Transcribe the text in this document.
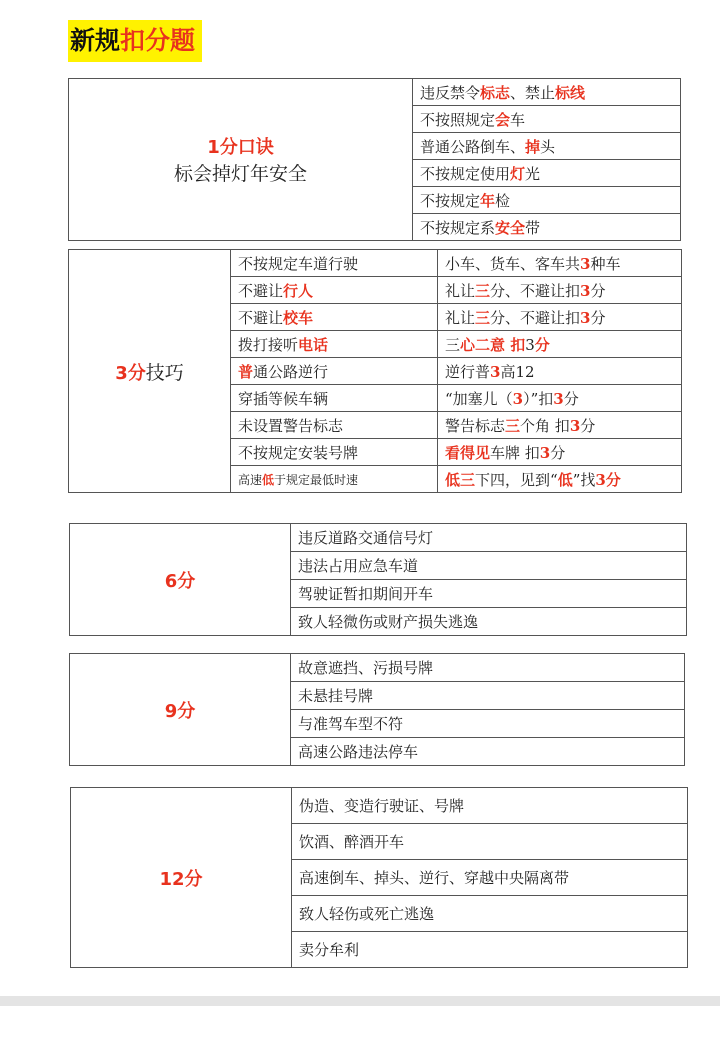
新规扣分题
1分口诀
标会掉灯年安全
	违反禁令标志、禁止标线
不按照规定会车
普通公路倒车、掉头
不按规定使用灯光
不按规定年检
不按规定系安全带
3分技巧	不按规定车道行驶	小车、货车、客车共3种车
	不避让行人	礼让三分、不避让扣3分
	不避让校车	礼让三分、不避让扣3分
	拨打接听电话	三心二意 扣3分
	普通公路逆行	逆行普3高12
	穿插等候车辆	“加塞儿（3）”扣3分
	未设置警告标志	警告标志三个角 扣3分
	不按规定安装号牌	看得见车牌 扣3分
	高速低于规定最低时速	低三下四，见到“低”找3分
6分	违反道路交通信号灯
违法占用应急车道
驾驶证暂扣期间开车
致人轻微伤或财产损失逃逸
9分	故意遮挡、污损号牌
未悬挂号牌
与准驾车型不符
高速公路违法停车
12分	伪造、变造行驶证、号牌
饮酒、醉酒开车
高速倒车、掉头、逆行、穿越中央隔离带
致人轻伤或死亡逃逸
卖分牟利
